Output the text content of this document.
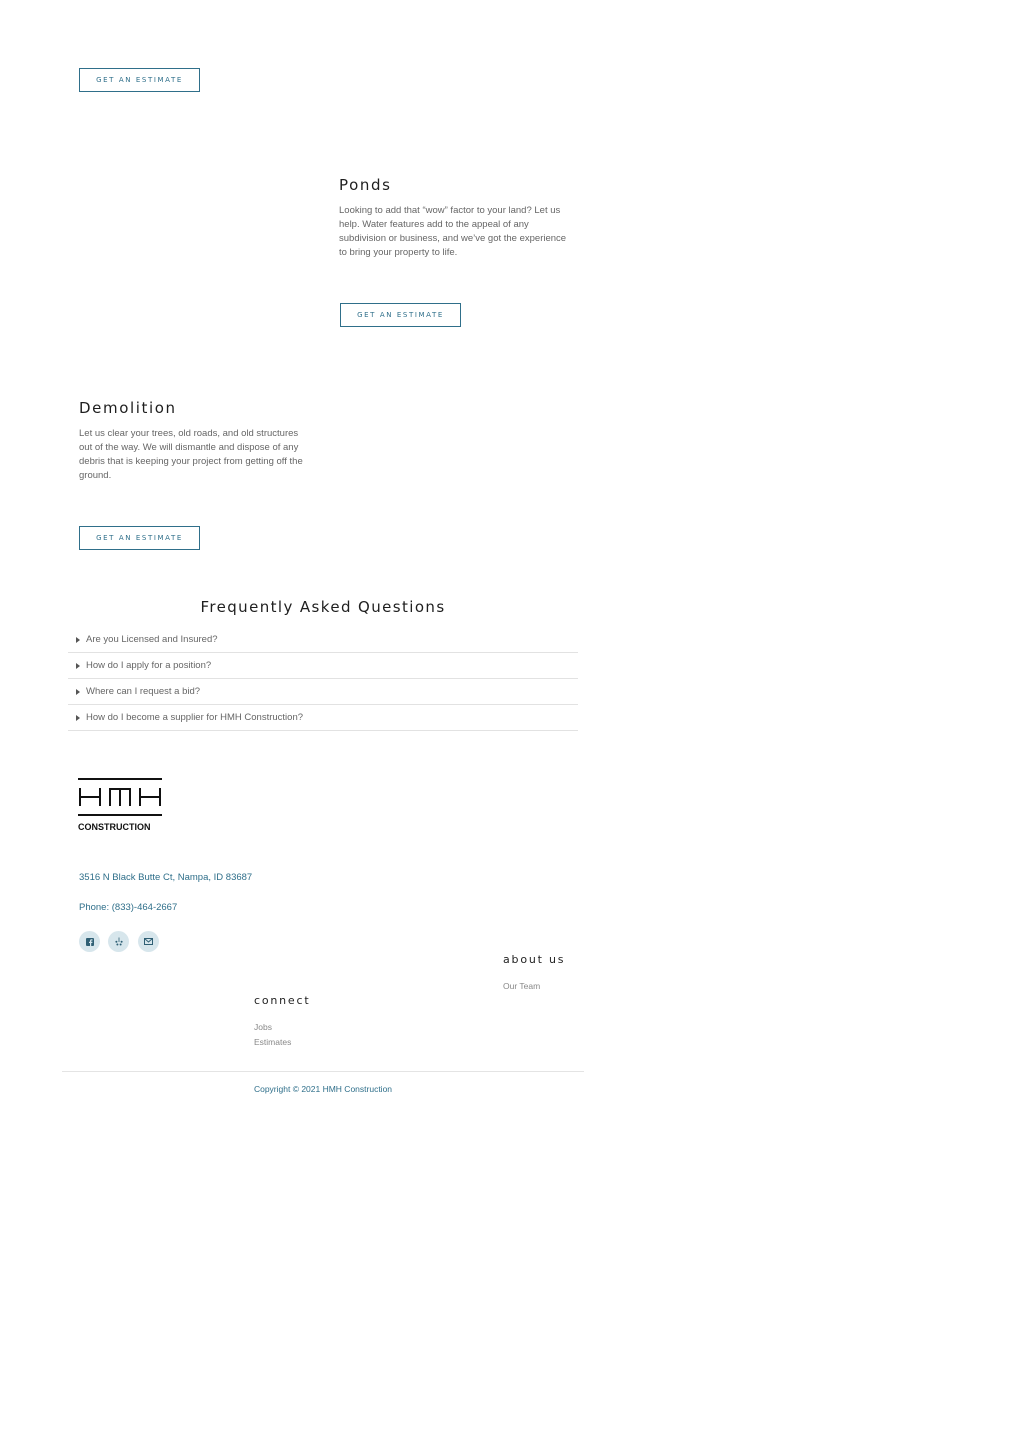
GET AN ESTIMATE
Ponds

Looking to add that “wow” factor to your land? Let us help. Water features add to the appeal of any subdivision or business, and we’ve got the experience to bring your property to life.

GET AN ESTIMATE
Demolition

Let us clear your trees, old roads, and old structures out of the way. We will dismantle and dispose of any debris that is keeping your project from getting off the ground.

GET AN ESTIMATE
Frequently Asked Questions
Are you Licensed and Insured?
How do I apply for a position?
Where can I request a bid?
How do I become a supplier for HMH Construction?
CONSTRUCTION
3516 N Black Butte Ct, Nampa, ID 83687
Phone: (833)-464-2667
about us
Our Team
connect
Jobs
Estimates
Copyright © 2021 HMH Construction
